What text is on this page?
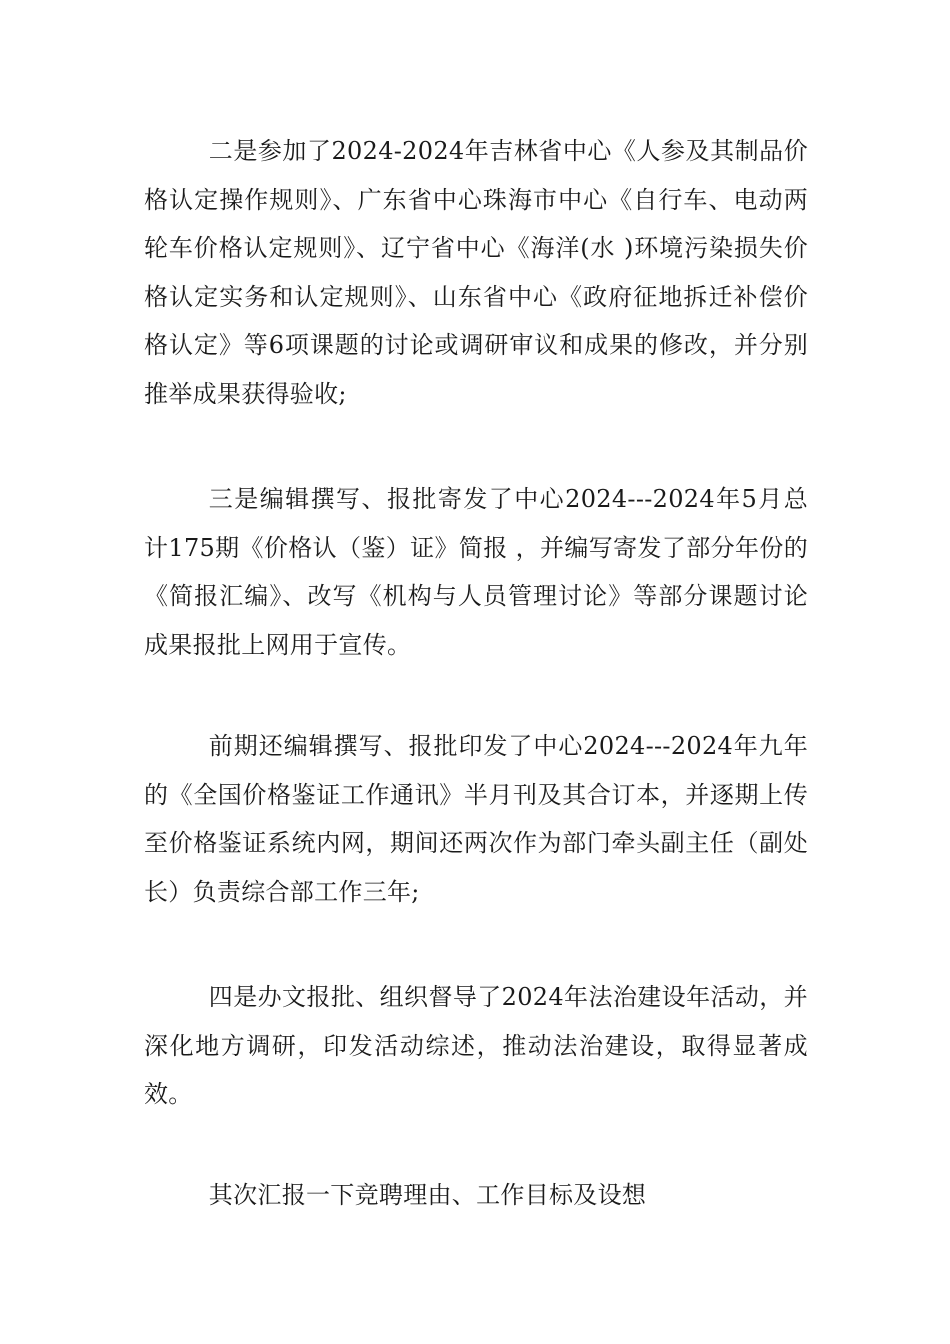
二是参加了2024-2024年吉林省中心《人参及其制品价格认定操作规则》、广东省中心珠海市中心《自行车、电动两轮车价格认定规则》、辽宁省中心《海洋(水 )环境污染损失价格认定实务和认定规则》、山东省中心《政府征地拆迁补偿价格认定》等6项课题的讨论或调研审议和成果的修改，并分别推举成果获得验收;

三是编辑撰写、报批寄发了中心2024---2024年5月总计175期《价格认（鉴）证》简报 ，并编写寄发了部分年份的《简报汇编》、改写《机构与人员管理讨论》等部分课题讨论成果报批上网用于宣传。

前期还编辑撰写、报批印发了中心2024---2024年九年的《全国价格鉴证工作通讯》半月刊及其合订本，并逐期上传至价格鉴证系统内网，期间还两次作为部门牵头副主任（副处长）负责综合部工作三年;

四是办文报批、组织督导了2024年法治建设年活动，并深化地方调研，印发活动综述，推动法治建设，取得显著成效。

其次汇报一下竞聘理由、工作目标及设想
